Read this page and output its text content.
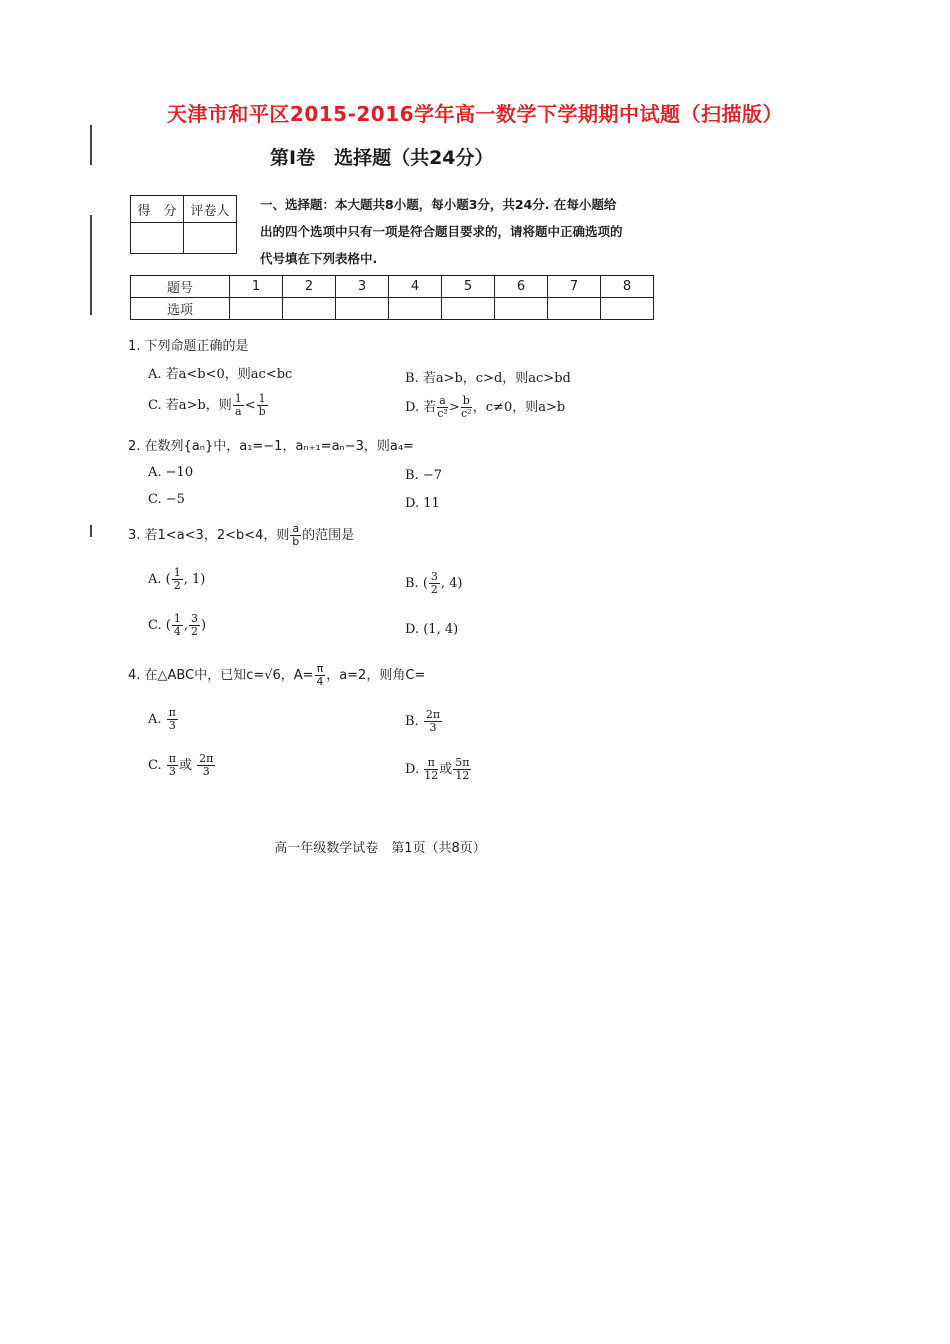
天津市和平区2015-2016学年高一数学下学期期中试题（扫描版）
第Ⅰ卷　选择题（共24分）
得　分	评卷人
	一、选择题：本大题共8小题，每小题3分，共24分. 在每小题给
出的四个选项中只有一项是符合题目要求的，请将题中正确选项的
代号填在下列表格中.
题号	1	2	3	4	5	6	7	8
选项								
1. 下列命题正确的是
A. 若a<b<0，则ac<bc	B. 若a>b，c>d，则ac>bd
C. 若a>b，则 $\frac{1}{a} < \frac{1}{b}$	D. 若 $\frac{a}{\text{c²}} > \frac{b}{\text{c²}}$ ，c≠0，则a>b
2. 在数列{aₙ}中，a₁=−1，aₙ₊₁=aₙ−3，则a₄=
A. −10	B. −7
C. −5	D. 11
3. 若1<a<3，2<b<4，则 $\frac{a}{b}$ 的范围是
A. ( $\frac{1}{2}$ , 1)	B. ( $\frac{3}{2}$ , 4)
C. ( $\frac{1}{4}$ , $\frac{3}{2}$ )	D. (1, 4)
4. 在△ABC中，已知c=√6，$A= \frac{\pi}{4}$ ，a=2，则角C=
A. $\frac{\pi}{3}$	B. $\frac{2\pi}{3}$
C. $\frac{\pi}{3}$ 或 $\frac{2\pi}{3}$	D. $\frac{\pi}{12}$ 或 $\frac{5\pi}{12}$
高一年级数学试卷　第1页（共8页）
